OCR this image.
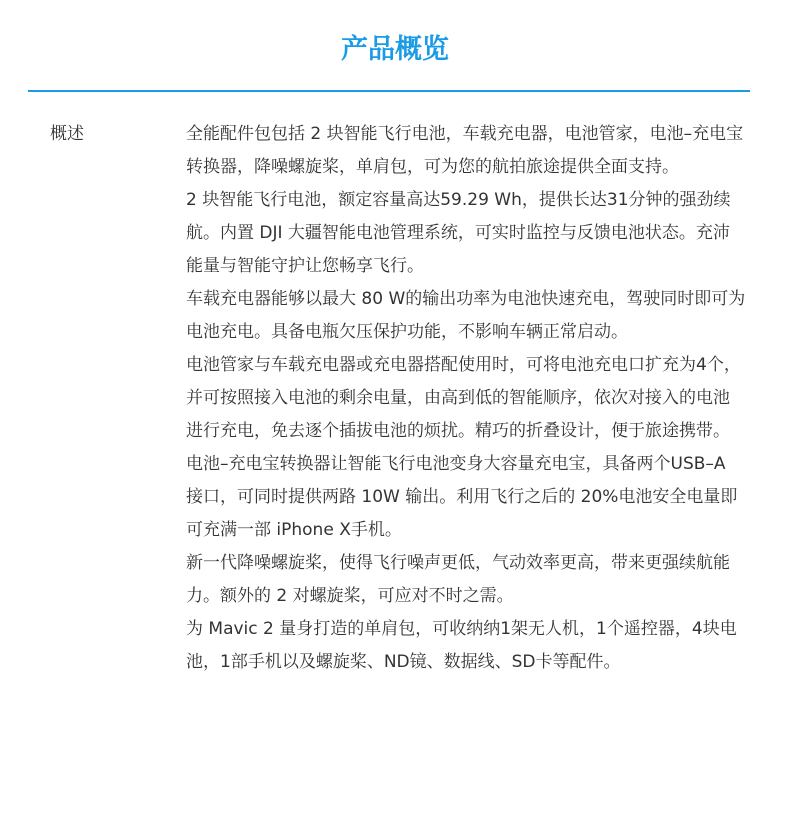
产品概览
概述	全能配件包包括 2 块智能飞行电池，车载充电器，电池管家，电池–充电宝转换器，降噪螺旋桨，单肩包，可为您的航拍旅途提供全面支持。

2 块智能飞行电池，额定容量高达59.29 Wh，提供长达31分钟的强劲续航。内置 DJI 大疆智能电池管理系统，可实时监控与反馈电池状态。充沛能量与智能守护让您畅享飞行。

车载充电器能够以最大 80 W的输出功率为电池快速充电，驾驶同时即可为电池充电。具备电瓶欠压保护功能，不影响车辆正常启动。

电池管家与车载充电器或充电器搭配使用时，可将电池充电口扩充为4个，并可按照接入电池的剩余电量，由高到低的智能顺序，依次对接入的电池进行充电，免去逐个插拔电池的烦扰。精巧的折叠设计，便于旅途携带。

电池–充电宝转换器让智能飞行电池变身大容量充电宝，具备两个USB–A 接口，可同时提供两路 10W 输出。利用飞行之后的 20%电池安全电量即可充满一部 iPhone X手机。

新一代降噪螺旋桨，使得飞行噪声更低，气动效率更高，带来更强续航能力。额外的 2 对螺旋桨，可应对不时之需。

为 Mavic 2 量身打造的单肩包，可收纳纳1架无人机，1个遥控器，4块电池，1部手机以及螺旋桨、ND镜、数据线、SD卡等配件。
